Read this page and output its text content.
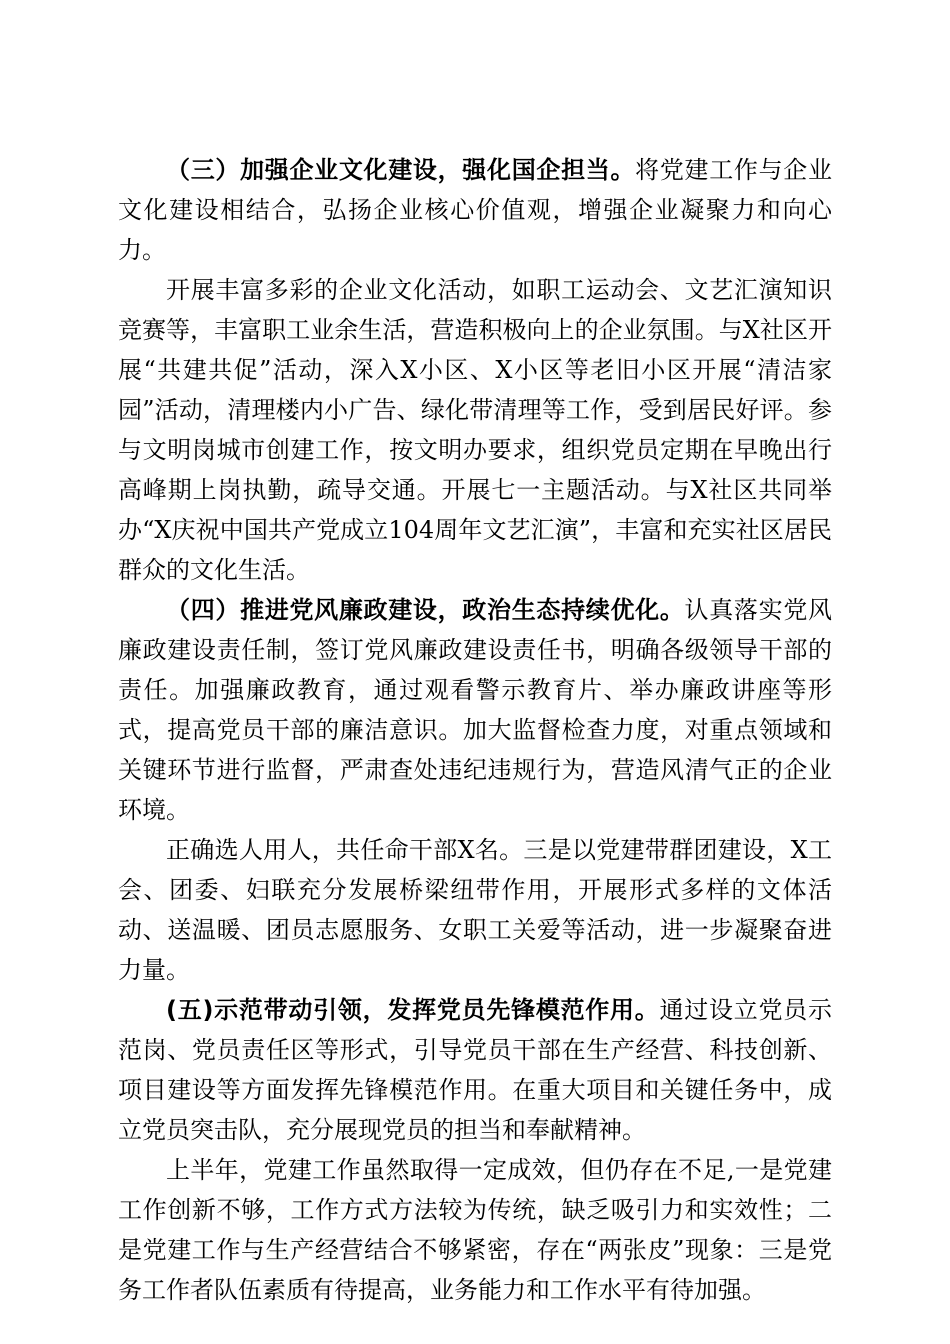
（三）加强企业文化建设，强化国企担当。将党建工作与企业文化建设相结合，弘扬企业核心价值观，增强企业凝聚力和向心力。

开展丰富多彩的企业文化活动，如职工运动会、文艺汇演知识竞赛等，丰富职工业余生活，营造积极向上的企业氛围。与X社区开展“共建共促”活动，深入X小区、X小区等老旧小区开展“清洁家园”活动，清理楼内小广告、绿化带清理等工作，受到居民好评。参与文明岗城市创建工作，按文明办要求，组织党员定期在早晚出行高峰期上岗执勤，疏导交通。开展七一主题活动。与X社区共同举办“X庆祝中国共产党成立104周年文艺汇演”，丰富和充实社区居民群众的文化生活。

（四）推进党风廉政建设，政治生态持续优化。认真落实党风廉政建设责任制，签订党风廉政建设责任书，明确各级领导干部的责任。加强廉政教育，通过观看警示教育片、举办廉政讲座等形式，提高党员干部的廉洁意识。加大监督检查力度，对重点领域和关键环节进行监督，严肃查处违纪违规行为，营造风清气正的企业环境。

正确选人用人，共任命干部X名。三是以党建带群团建设，X工会、团委、妇联充分发展桥梁纽带作用，开展形式多样的文体活动、送温暖、团员志愿服务、女职工关爱等活动，进一步凝聚奋进力量。

(五)示范带动引领，发挥党员先锋模范作用。通过设立党员示范岗、党员责任区等形式，引导党员干部在生产经营、科技创新、项目建设等方面发挥先锋模范作用。在重大项目和关键任务中，成立党员突击队，充分展现党员的担当和奉献精神。

上半年，党建工作虽然取得一定成效，但仍存在不足,一是党建工作创新不够，工作方式方法较为传统，缺乏吸引力和实效性；二是党建工作与生产经营结合不够紧密，存在“两张皮”现象：三是党务工作者队伍素质有待提高，业务能力和工作水平有待加强。
